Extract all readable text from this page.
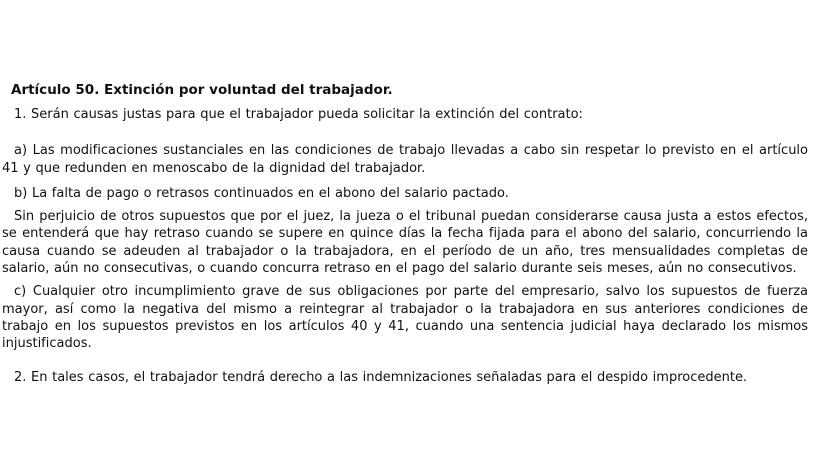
Artículo 50. Extinción por voluntad del trabajador.

1. Serán causas justas para que el trabajador pueda solicitar la extinción del contrato:

a) Las modificaciones sustanciales en las condiciones de trabajo llevadas a cabo sin respetar lo previsto en el artículo 41 y que redunden en menoscabo de la dignidad del trabajador.

b) La falta de pago o retrasos continuados en el abono del salario pactado.

Sin perjuicio de otros supuestos que por el juez, la jueza o el tribunal puedan considerarse causa justa a estos efectos, se entenderá que hay retraso cuando se supere en quince días la fecha fijada para el abono del salario, concurriendo la causa cuando se adeuden al trabajador o la trabajadora, en el período de un año, tres mensualidades completas de salario, aún no consecutivas, o cuando concurra retraso en el pago del salario durante seis meses, aún no consecutivos.

c) Cualquier otro incumplimiento grave de sus obligaciones por parte del empresario, salvo los supuestos de fuerza mayor, así como la negativa del mismo a reintegrar al trabajador o la trabajadora en sus anteriores condiciones de trabajo en los supuestos previstos en los artículos 40 y 41, cuando una sentencia judicial haya declarado los mismos injustificados.

2. En tales casos, el trabajador tendrá derecho a las indemnizaciones señaladas para el despido improcedente.
